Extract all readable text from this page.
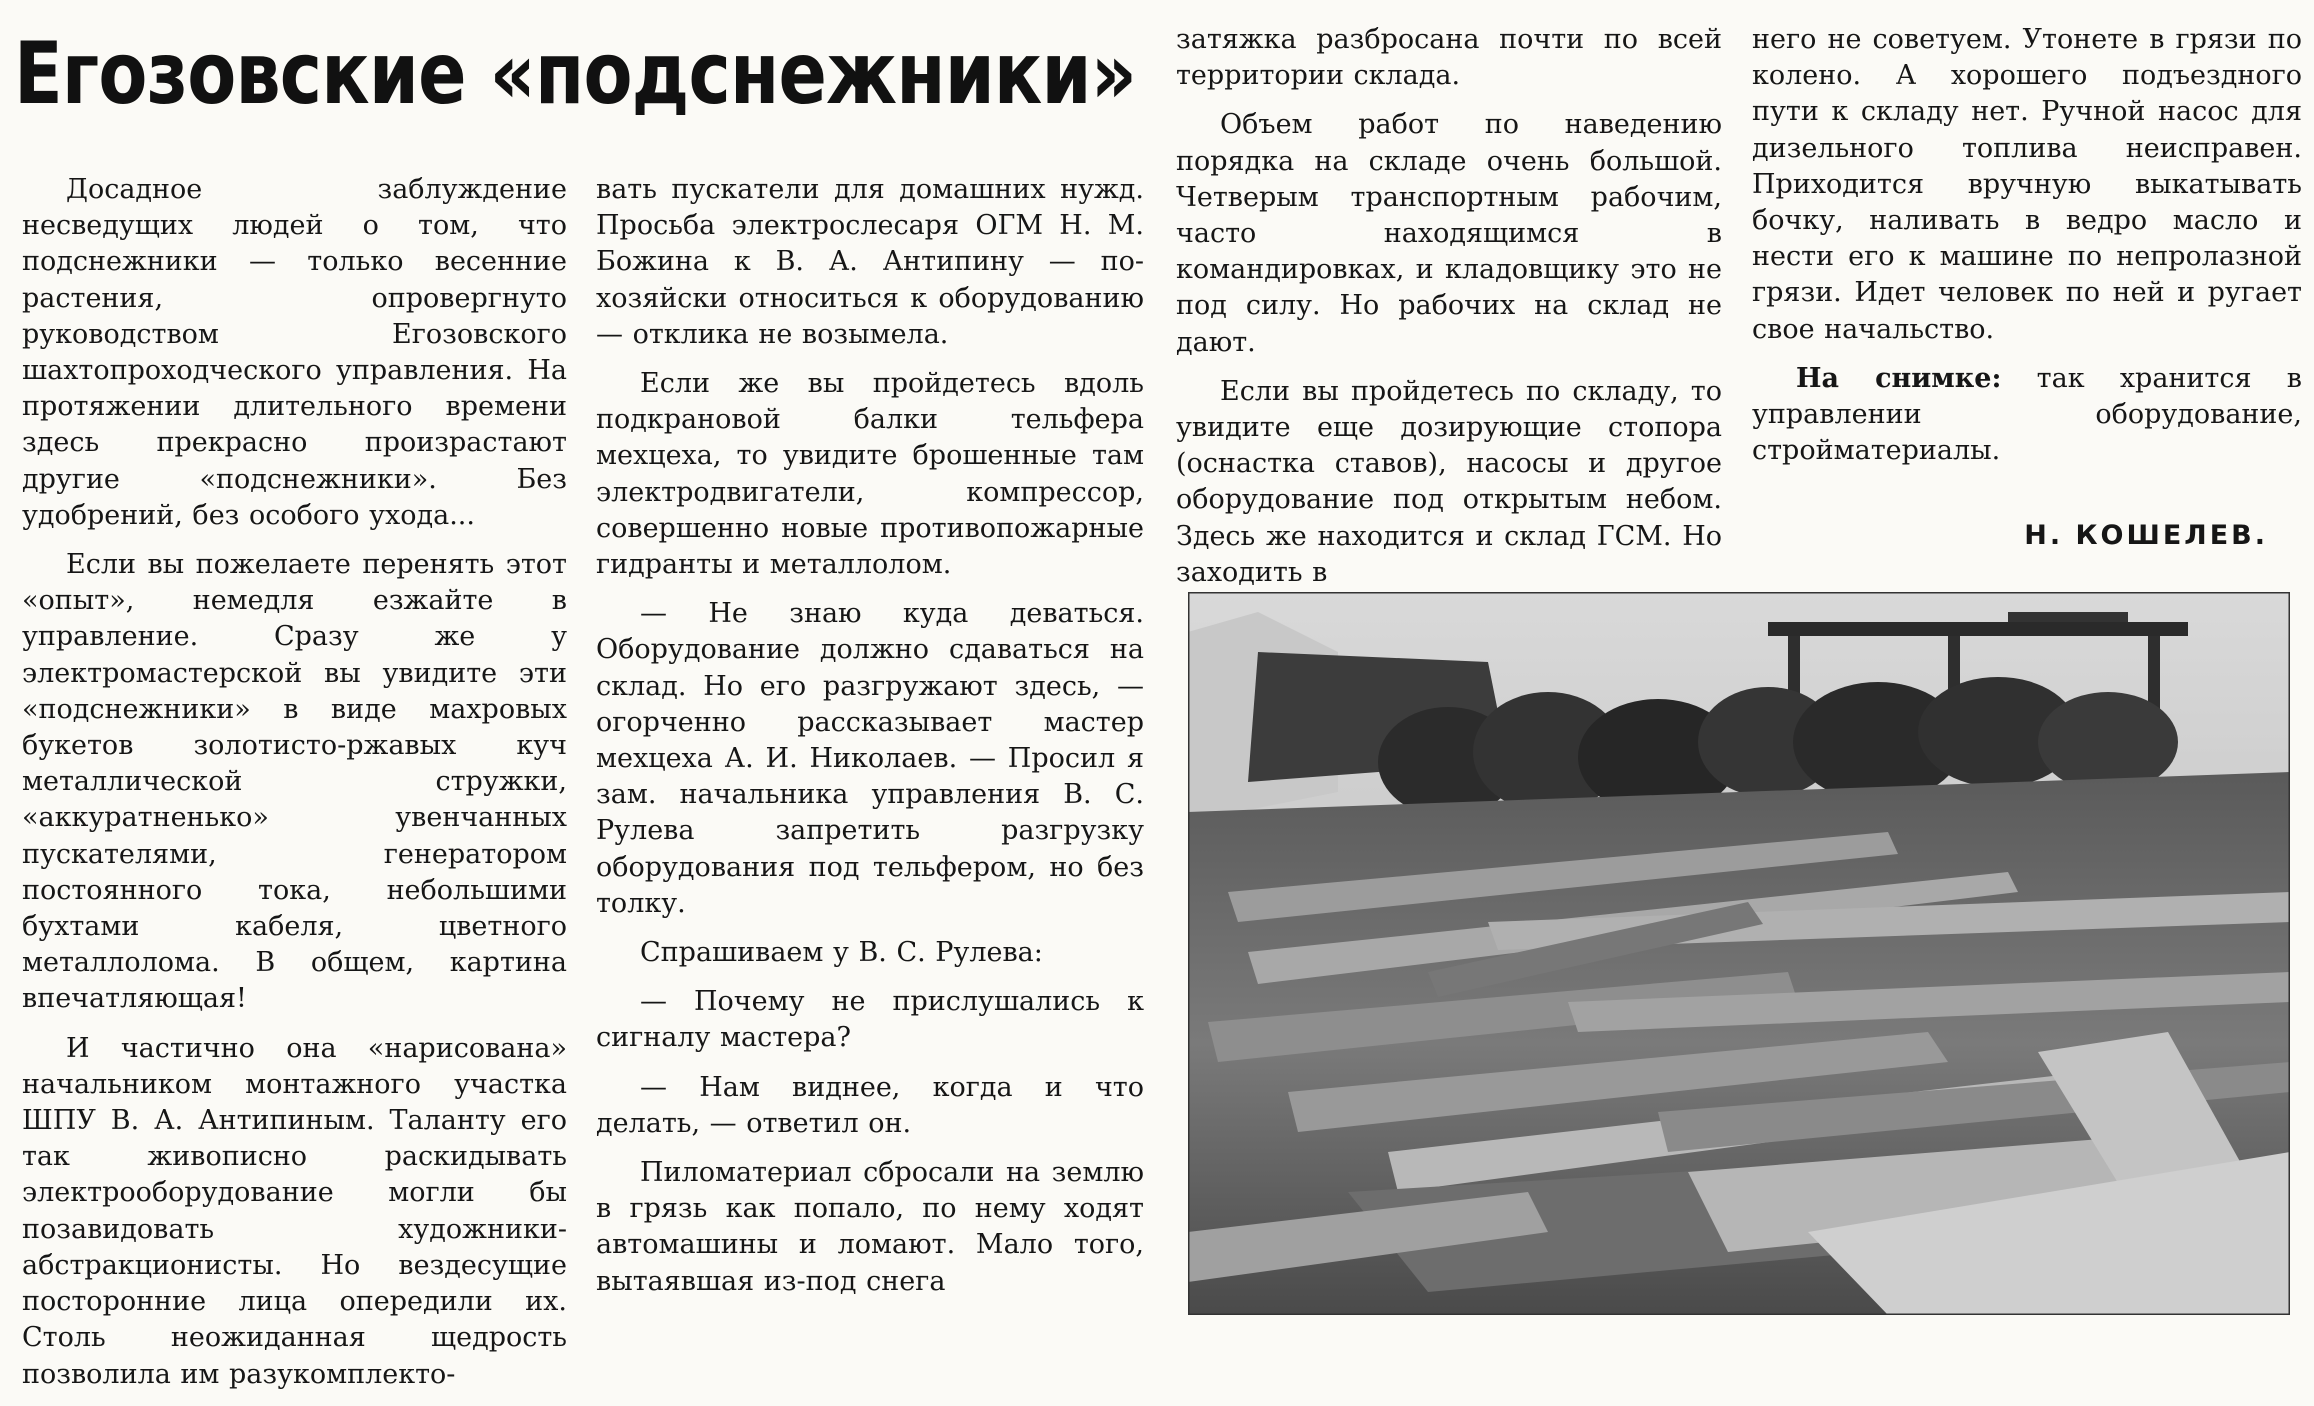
Егозовские «подснежники»

Досадное заблуждение несведущих людей о том, что подснежники — только весенние растения, опровергнуто руководством Егозовского шахтопроходческого управления. На протяжении длительного времени здесь прекрасно произрастают другие «подснежники». Без удобрений, без особого ухода...

Если вы пожелаете перенять этот «опыт», немедля езжайте в управление. Сразу же у электромастерской вы увидите эти «подснежники» в виде махровых букетов золотисто-ржавых куч металлической стружки, «аккуратненько» увенчанных пускателями, генератором постоянного тока, небольшими бухтами кабеля, цветного металлолома. В общем, картина впечатляющая!

И частично она «нарисована» начальником монтажного участка ШПУ В. А. Антипиным. Таланту его так живописно раскидывать электрооборудование могли бы позавидовать художники-абстракционисты. Но вездесущие посторонние лица опередили их. Столь неожиданная щедрость позволила им разукомплекто-

вать пускатели для домашних нужд. Просьба электрослесаря ОГМ Н. М. Божина к В. А. Антипину — по-хозяйски относиться к оборудованию — отклика не возымела.

Если же вы пройдетесь вдоль подкрановой балки тельфера мехцеха, то увидите брошенные там электродвигатели, компрессор, совершенно новые противопожарные гидранты и металлолом.

— Не знаю куда деваться. Оборудование должно сдаваться на склад. Но его разгружают здесь, — огорченно рассказывает мастер мехцеха А. И. Николаев. — Просил я зам. начальника управления В. С. Рулева запретить разгрузку оборудования под тельфером, но без толку.

Спрашиваем у В. С. Рулева:

— Почему не прислушались к сигналу мастера?

— Нам виднее, когда и что делать, — ответил он.

Пиломатериал сбросали на землю в грязь как попало, по нему ходят автомашины и ломают. Мало того, вытаявшая из-под снега

затяжка разбросана почти по всей территории склада.

Объем работ по наведению порядка на складе очень большой. Четверым транспортным рабочим, часто находящимся в командировках, и кладовщику это не под силу. Но рабочих на склад не дают.

Если вы пройдетесь по складу, то увидите еще дозирующие стопора (оснастка ставов), насосы и другое оборудование под открытым небом. Здесь же находится и склад ГСМ. Но заходить в

него не советуем. Утонете в грязи по колено. А хорошего подъездного пути к складу нет. Ручной насос для дизельного топлива неисправен. Приходится вручную выкатывать бочку, наливать в ведро масло и нести его к машине по непролазной грязи. Идет человек по ней и ругает свое начальство.

На снимке: так хранится в управлении оборудование, стройматериалы.

Н. КОШЕЛЕВ.
